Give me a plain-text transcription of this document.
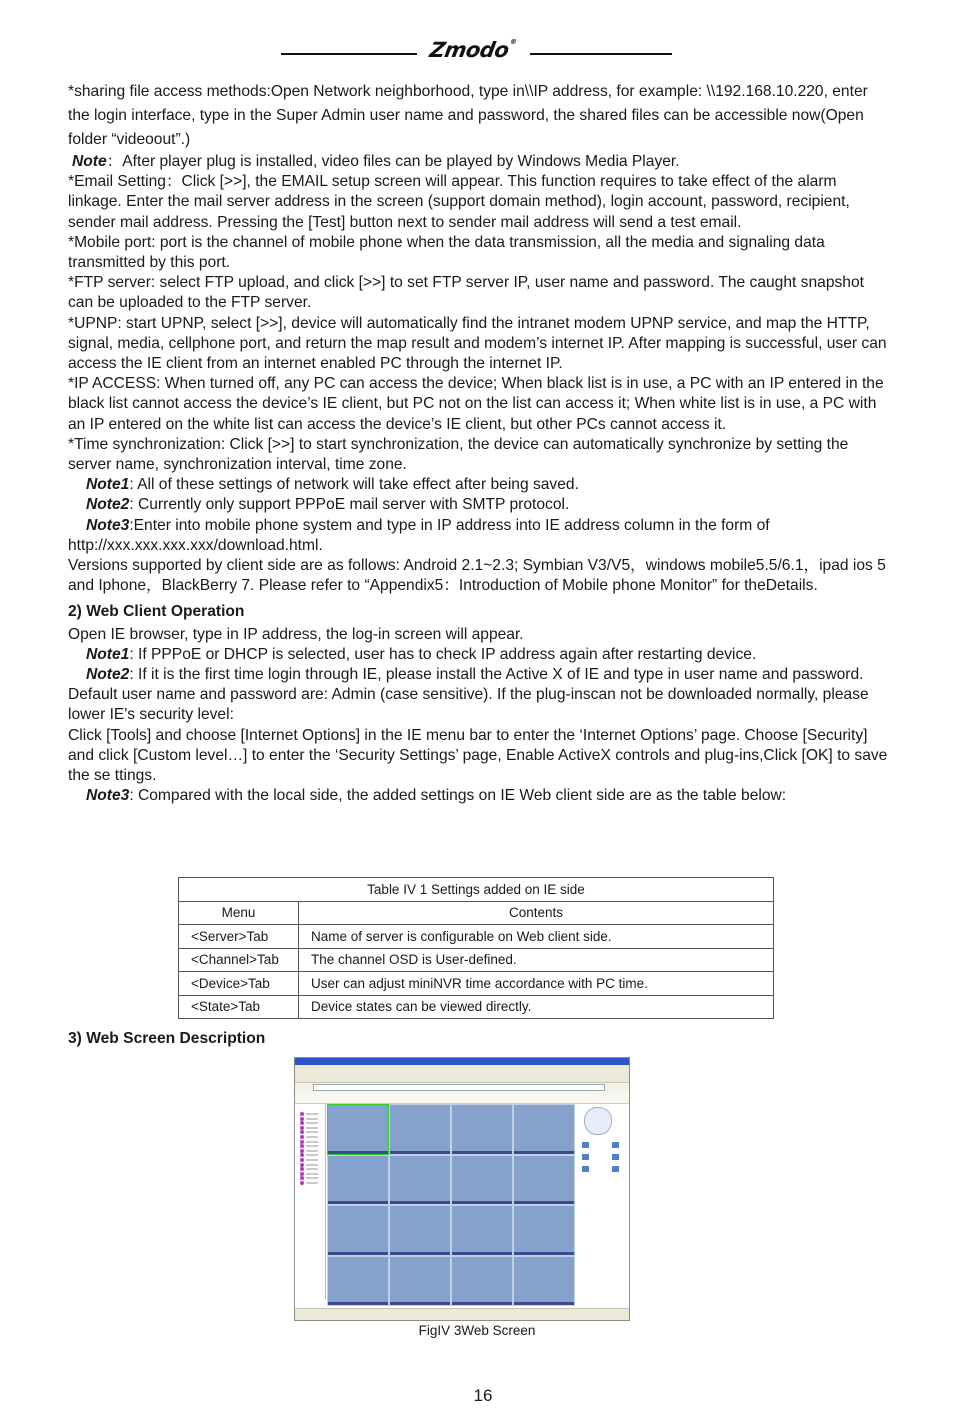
Zmodo®

*sharing file access methods:Open Network neighborhood, type in\\IP address, for example: \\192.168.10.220, enter the login interface, type in the Super Admin user name and password, the shared files can be accessible now(Open folder “videoout”.)

Note：After player plug is installed, video files can be played by Windows Media Player.

*Email Setting：Click [>>], the EMAIL setup screen will appear. This function requires to take effect of the alarm linkage. Enter the mail server address in the screen (support domain method), login account, password, recipient, sender mail address. Pressing the [Test] button next to sender mail address will send a test email.

*Mobile port: port is the channel of mobile phone when the data transmission, all the media and signaling data transmitted by this port.

*FTP server: select FTP upload, and click [>>] to set FTP server IP, user name and password. The caught snapshot can be uploaded to the FTP server.

*UPNP: start UPNP, select [>>], device will automatically find the intranet modem UPNP service, and map the HTTP, signal, media, cellphone port, and return the map result and modem’s internet IP. After mapping is successful, user can access the IE client from an internet enabled PC through the internet IP.

*IP ACCESS: When turned off, any PC can access the device; When black list is in use, a PC with an IP entered in the black list cannot access the device’s IE client, but PC not on the list can access it; When white list is in use, a PC with an IP entered on the white list can access the device’s IE client, but other PCs cannot access it.

*Time synchronization: Click [>>] to start synchronization, the device can automatically synchronize by setting the server name, synchronization interval, time zone.

Note1: All of these settings of network will take effect after being saved.

Note2: Currently only support PPPoE mail server with SMTP protocol.

Note3:Enter into mobile phone system and type in IP address into IE address column in the form of http://xxx.xxx.xxx.xxx/download.html.

Versions supported by client side are as follows: Android 2.1~2.3; Symbian V3/V5，windows mobile5.5/6.1，ipad ios 5 and Iphone，BlackBerry 7. Please refer to “Appendix5：Introduction of Mobile phone Monitor” for theDetails.

2) Web Client Operation

Open IE browser, type in IP address, the log-in screen will appear.

Note1: If PPPoE or DHCP is selected, user has to check IP address again after restarting device.

Note2: If it is the first time login through IE, please install the Active X of IE and type in user name and password. Default user name and password are: Admin (case sensitive). If the plug-inscan not be downloaded normally, please lower IE's security level:

Click [Tools] and choose [Internet Options] in the IE menu bar to enter the ‘Internet Options’ page. Choose [Security] and click [Custom level…] to enter the ‘Security Settings’ page, Enable ActiveX controls and plug-ins,Click [OK] to save the se ttings.

Note3: Compared with the local side, the added settings on IE Web client side are as the table below:

Table IV 1 Settings added on IE side	
Menu	Contents
<Server>Tab	Name of server is configurable on Web client side.
<Channel>Tab	The channel OSD is User-defined.
<Device>Tab	User can adjust miniNVR time accordance with PC time.
<State>Tab	Device states can be viewed directly.
3) Web Screen Description
FigIV 3Web Screen
16
